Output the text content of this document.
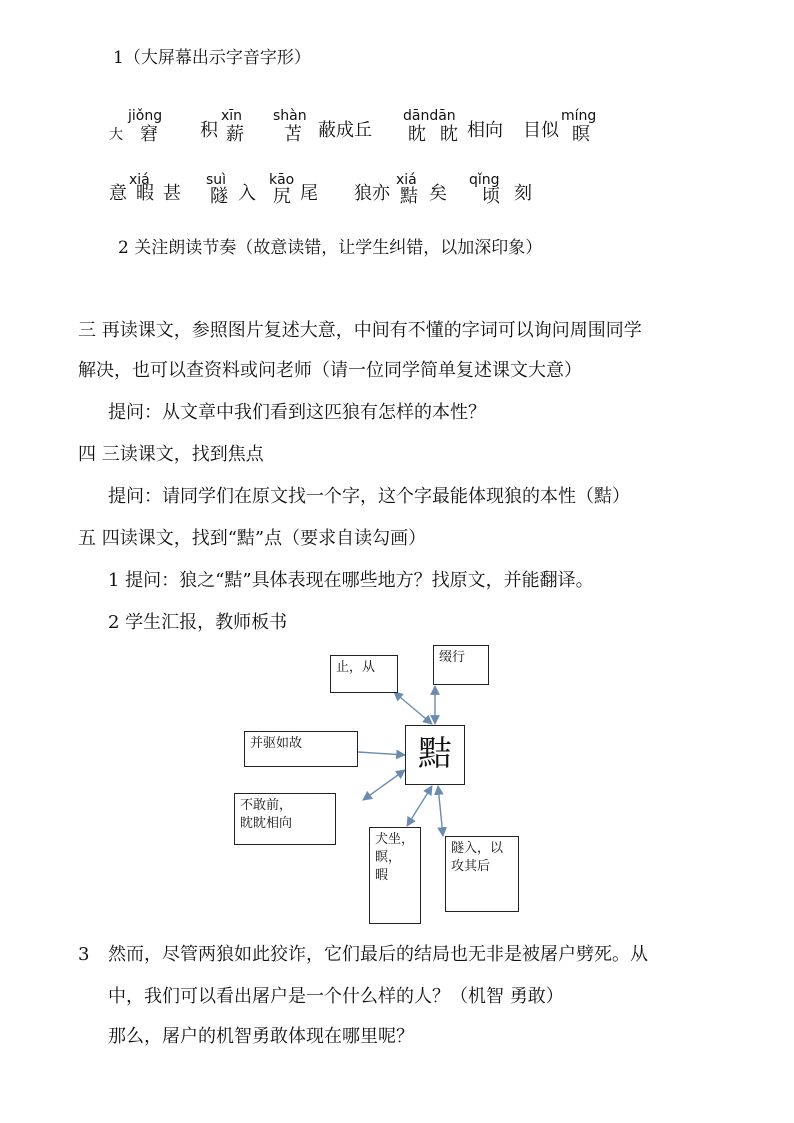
1（大屏幕出示字音字形）
jiǒng	xīn shàn	dāndān	míng
大 窘 积 薪 苫 蔽成丘 眈 眈 相向 目似 瞑
xiá	suì	kāo	xiá	qǐng
意 暇 甚 隧 入 尻 尾 狼亦 黠 矣 顷 刻
2 关注朗读节奏（故意读错，让学生纠错，以加深印象）
三 再读课文，参照图片复述大意，中间有不懂的字词可以询问周围同学
解决，也可以查资料或问老师（请一位同学简单复述课文大意）
提问：从文章中我们看到这匹狼有怎样的本性？
四 三读课文，找到焦点
提问：请同学们在原文找一个字，这个字最能体现狼的本性（黠）
五 四读课文，找到“黠”点（要求自读勾画）
1 提问：狼之“黠”具体表现在哪些地方？找原文，并能翻译。
2 学生汇报，教师板书
止，从
缀行
并驱如故	黠
不敢前，
眈眈相向
犬坐，
瞑，
暇
隧入，以
攻其后
3 然而，尽管两狼如此狡诈，它们最后的结局也无非是被屠户劈死。从
中，我们可以看出屠户是一个什么样的人？（机智 勇敢）
那么，屠户的机智勇敢体现在哪里呢？
